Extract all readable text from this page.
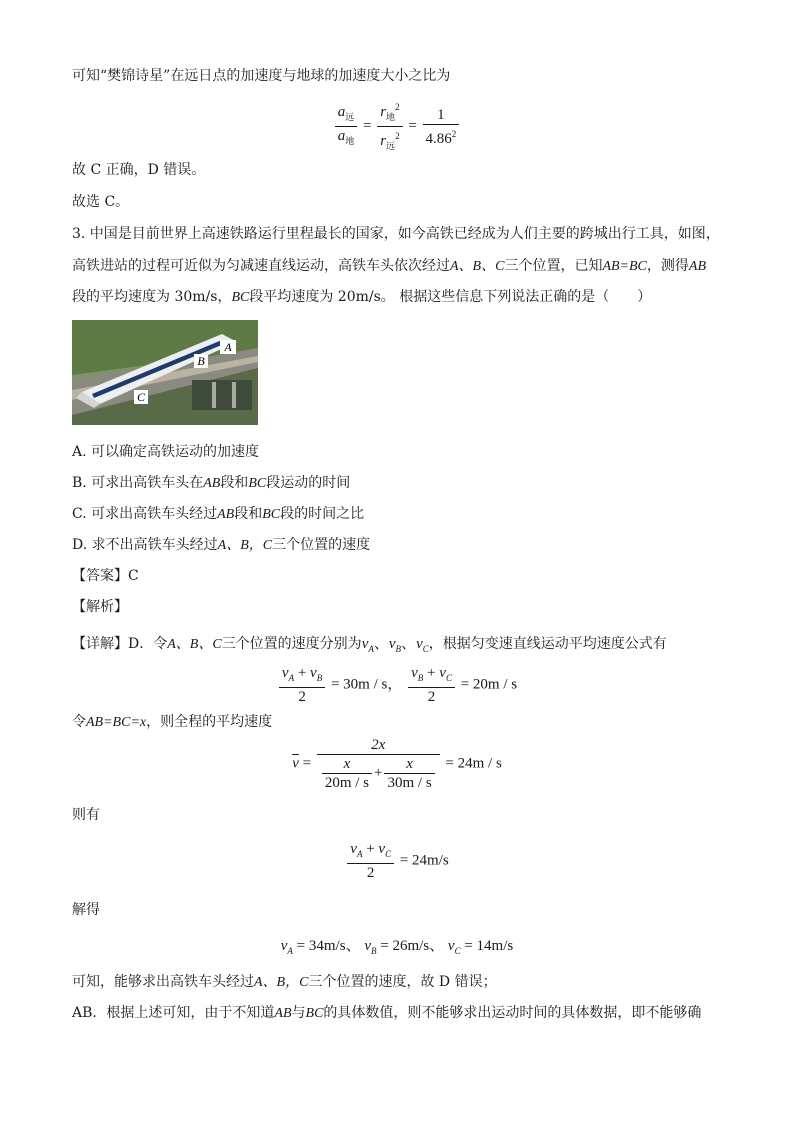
可知“樊锦诗星”在远日点的加速度与地球的加速度大小之比为
$\frac{a_远}{a_地} = \frac{r_地^2}{r_远^2} = \frac{1}{4.86^2}$
故 C 正确，D 错误。
故选 C。
3. 中国是目前世界上高速铁路运行里程最长的国家，如今高铁已经成为人们主要的跨城出行工具，如图，
高铁进站的过程可近似为匀减速直线运动，高铁车头依次经过A、B、C三个位置，已知AB=BC，测得AB
段的平均速度为 30m/s，BC段平均速度为 20m/s。 根据这些信息下列说法正确的是（　　）
A
B
C
A. 可以确定高铁运动的加速度
B. 可求出高铁车头在AB段和BC段运动的时间
C. 可求出高铁车头经过AB段和BC段的时间之比
D. 求不出高铁车头经过A、B，C三个位置的速度
【答案】C
【解析】
【详解】D．令A、B、C三个位置的速度分别为$v_A$、$v_B$、$v_C$，根据匀变速直线运动平均速度公式有
$\frac{v_A + v_B}{2} = 30m / s$， $\frac{v_B + v_C}{2} = 20m / s$
令AB=BC=x，则全程的平均速度
$\overline{v} = \frac{2x}{\frac{x}{20m / s} + \frac{x}{30m / s}} = 24m / s$
则有
$\frac{v_A + v_C}{2} = 24m/s$
解得
$v_A = 34m/s$、 $v_B = 26m/s$、 $v_C = 14m/s$
可知，能够求出高铁车头经过A、B，C三个位置的速度，故 D 错误；
AB．根据上述可知，由于不知道AB与BC的具体数值，则不能够求出运动时间的具体数据，即不能够确
